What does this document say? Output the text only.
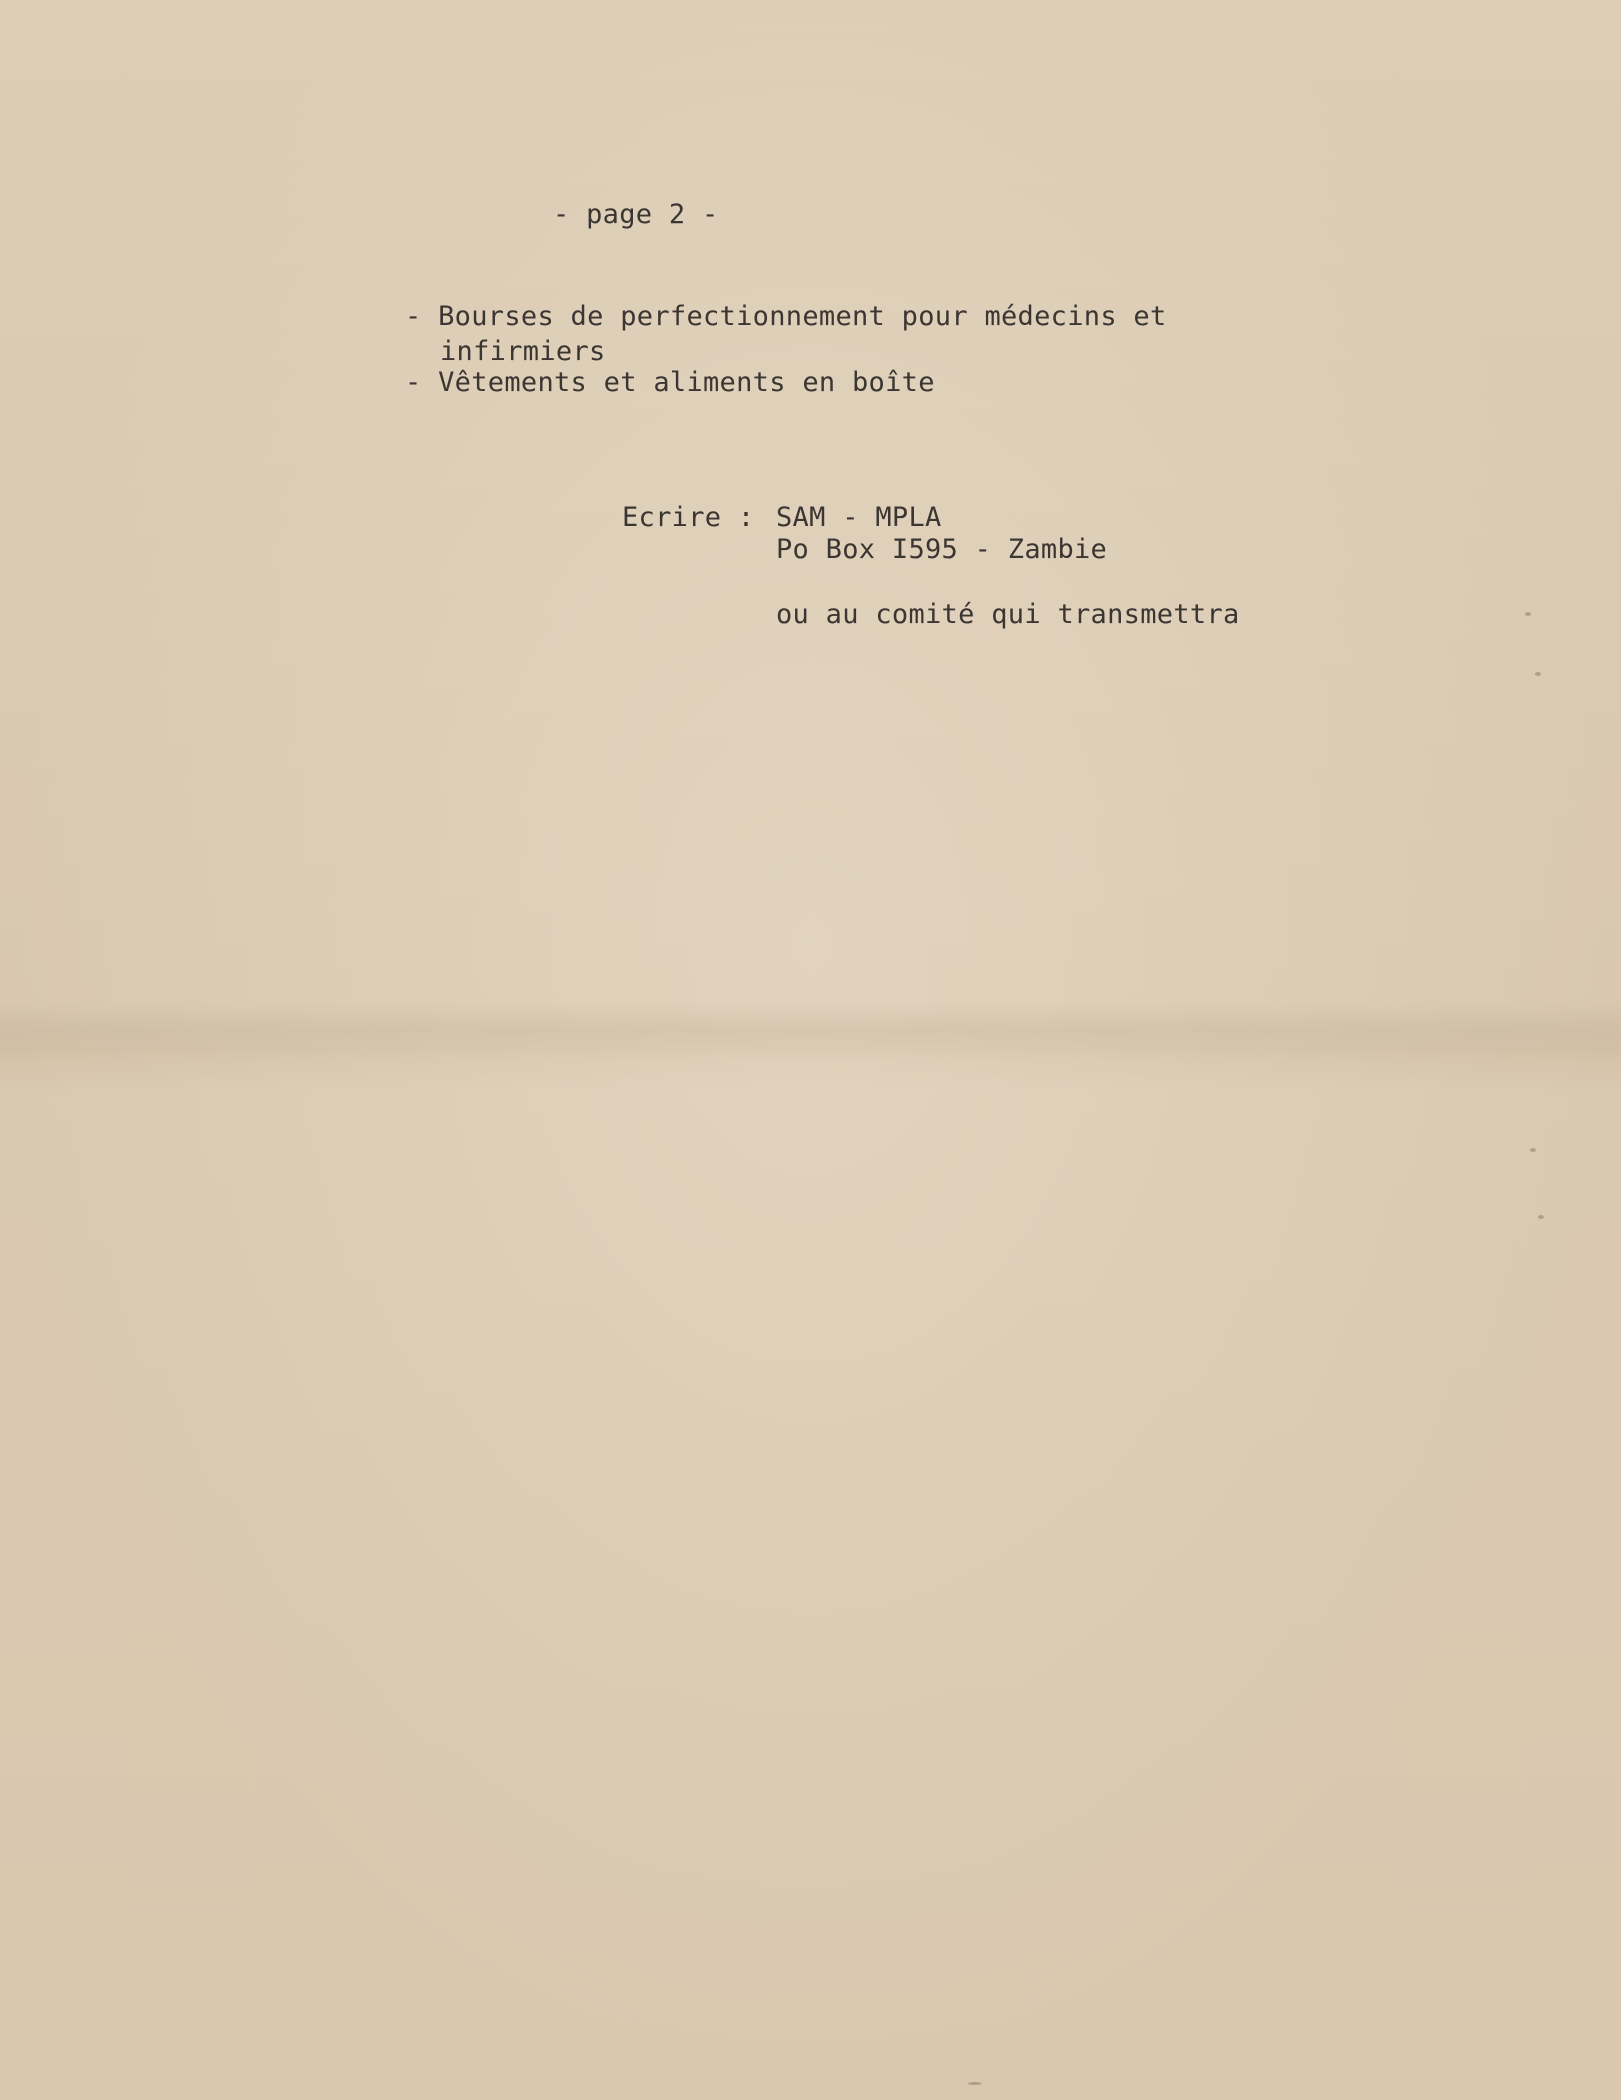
- page 2 -
- Bourses de perfectionnement pour médecins et
infirmiers
- Vêtements et aliments en boîte
Ecrire : SAM - MPLA
Po Box I595 - Zambie
ou au comité qui transmettra
